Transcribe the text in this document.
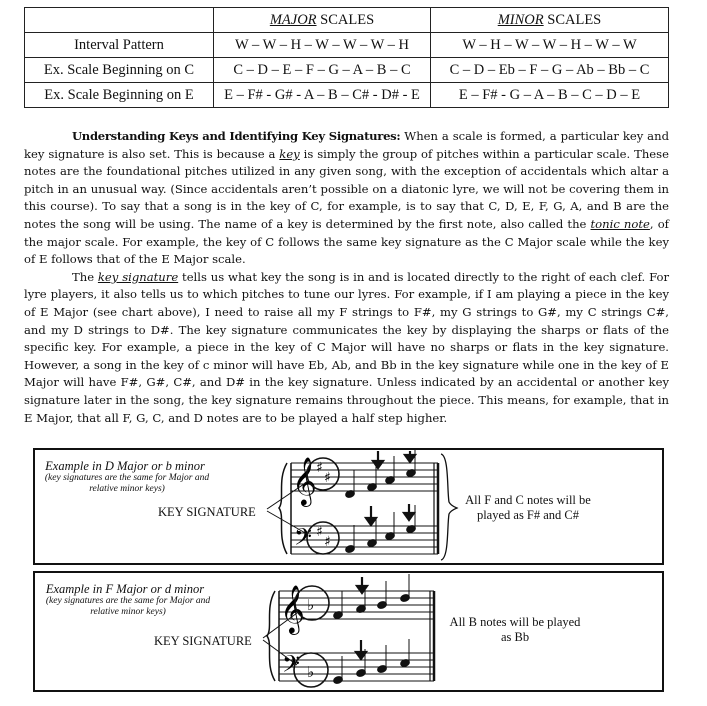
	MAJOR SCALES	MINOR SCALES
Interval Pattern	W – W – H – W – W – W – H	W – H – W – W – H – W – W
Ex. Scale Beginning on C	C – D – E – F – G – A – B – C	C – D – Eb – F – G – Ab – Bb – C
Ex. Scale Beginning on E	E – F# - G# - A – B – C# - D# - E	E – F# - G – A – B – C – D – E

Understanding Keys and Identifying Key Signatures: When a scale is formed, a particular key and key signature is also set. This is because a key is simply the group of pitches within a particular scale. These notes are the foundational pitches utilized in any given song, with the exception of accidentals which altar a pitch in an unusual way. (Since accidentals aren’t possible on a diatonic lyre, we will not be covering them in this course). To say that a song is in the key of C, for example, is to say that C, D, E, F, G, A, and B are the notes the song will be using. The name of a key is determined by the first note, also called the tonic note, of the major scale. For example, the key of C follows the same key signature as the C Major scale while the key of E follows that of the E Major scale.

The key signature tells us what key the song is in and is located directly to the right of each clef. For lyre players, it also tells us to which pitches to tune our lyres. For example, if I am playing a piece in the key of E Major (see chart above), I need to raise all my F strings to F#, my G strings to G#, my C strings C#, and my D strings to D#. The key signature communicates the key by displaying the sharps or flats of the specific key. For example, a piece in the key of C Major will have no sharps or flats in the key signature. However, a song in the key of c minor will have Eb, Ab, and Bb in the key signature while one in the key of E Major will have F#, G#, C#, and D# in the key signature. Unless indicated by an accidental or another key signature later in the song, the key signature remains throughout the piece. This means, for example, that in E Major, that all F, G, C, and D notes are to be played a half step higher.

Example in D Major or b minor
(key signatures are the same for Major and relative minor keys)
KEY SIGNATURE
All F and C notes will be played as F# and C#
𝄞
𝄢
♯
♯
♯
♯
Example in F Major or d minor
(key signatures are the same for Major and relative minor keys)
KEY SIGNATURE
All B notes will be played as Bb
𝄞
𝄢
♭
♭
